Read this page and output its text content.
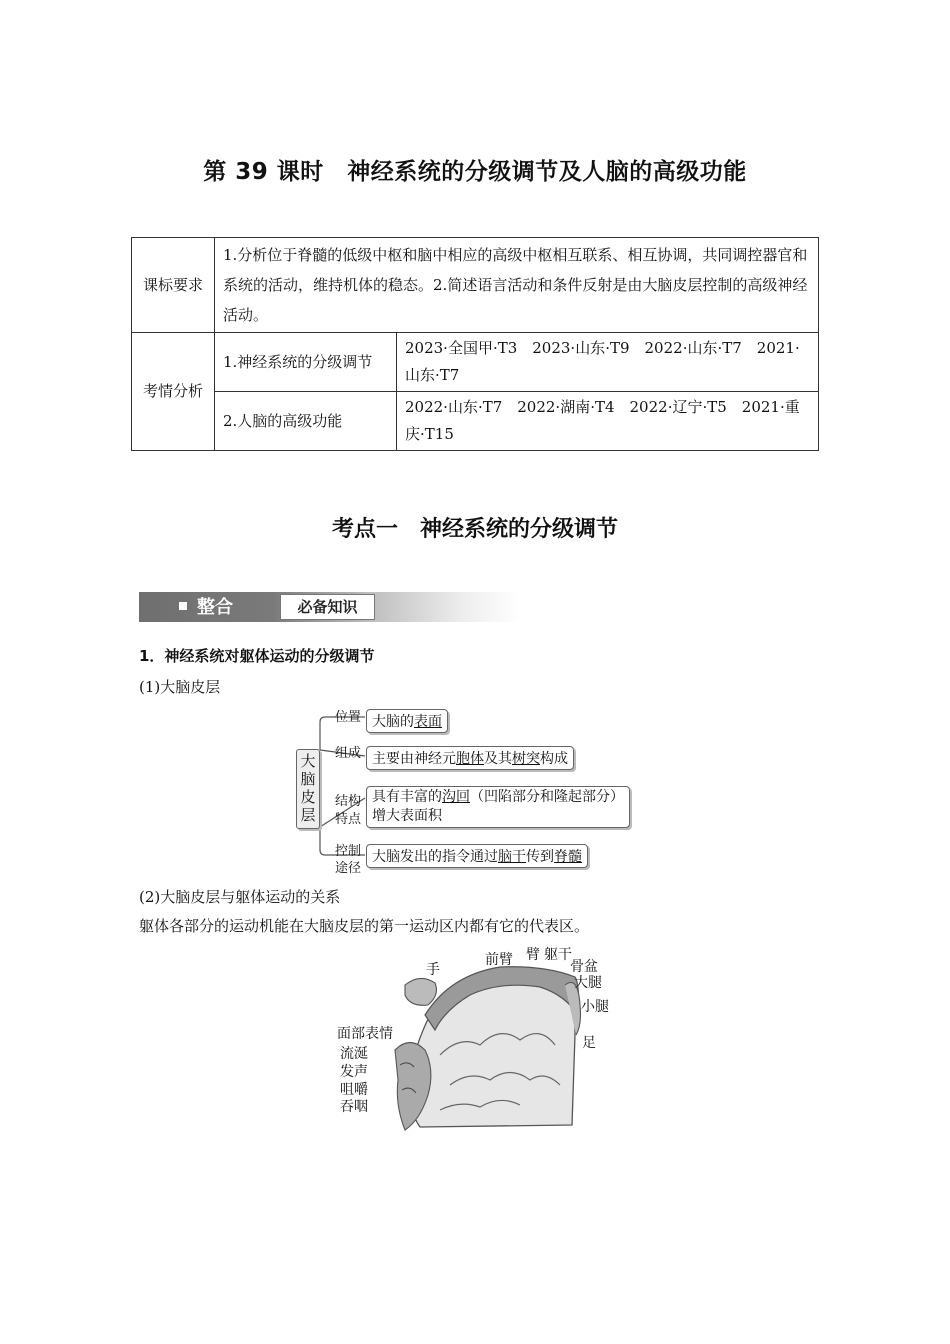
第 39 课时　神经系统的分级调节及人脑的高级功能
课标要求	1.分析位于脊髓的低级中枢和脑中相应的高级中枢相互联系、相互协调，共同调控器官和系统的活动，维持机体的稳态。2.简述语言活动和条件反射是由大脑皮层控制的高级神经活动。	
考情分析	1.神经系统的分级调节	2023·全国甲·T3　2023·山东·T9　2022·山东·T7　2021·山东·T7
	2.人脑的高级功能	2022·山东·T7　2022·湖南·T4　2022·辽宁·T5　2021·重庆·T15
考点一　神经系统的分级调节
整合	必备知识
1．神经系统对躯体运动的分级调节
(1)大脑皮层
大脑皮层
位置 大脑的表面
组成 主要由神经元胞体及其树突构成
结构
特点
具有丰富的沟回（凹陷部分和隆起部分）
增大表面积
控制
途径
大脑发出的指令通过脑干传到脊髓
(2)大脑皮层与躯体运动的关系
躯体各部分的运动机能在大脑皮层的第一运动区内都有它的代表区。
手
前臂 臂 躯干
骨盆
大腿
小腿
足
面部表情
流涎
发声
咀嚼
吞咽
